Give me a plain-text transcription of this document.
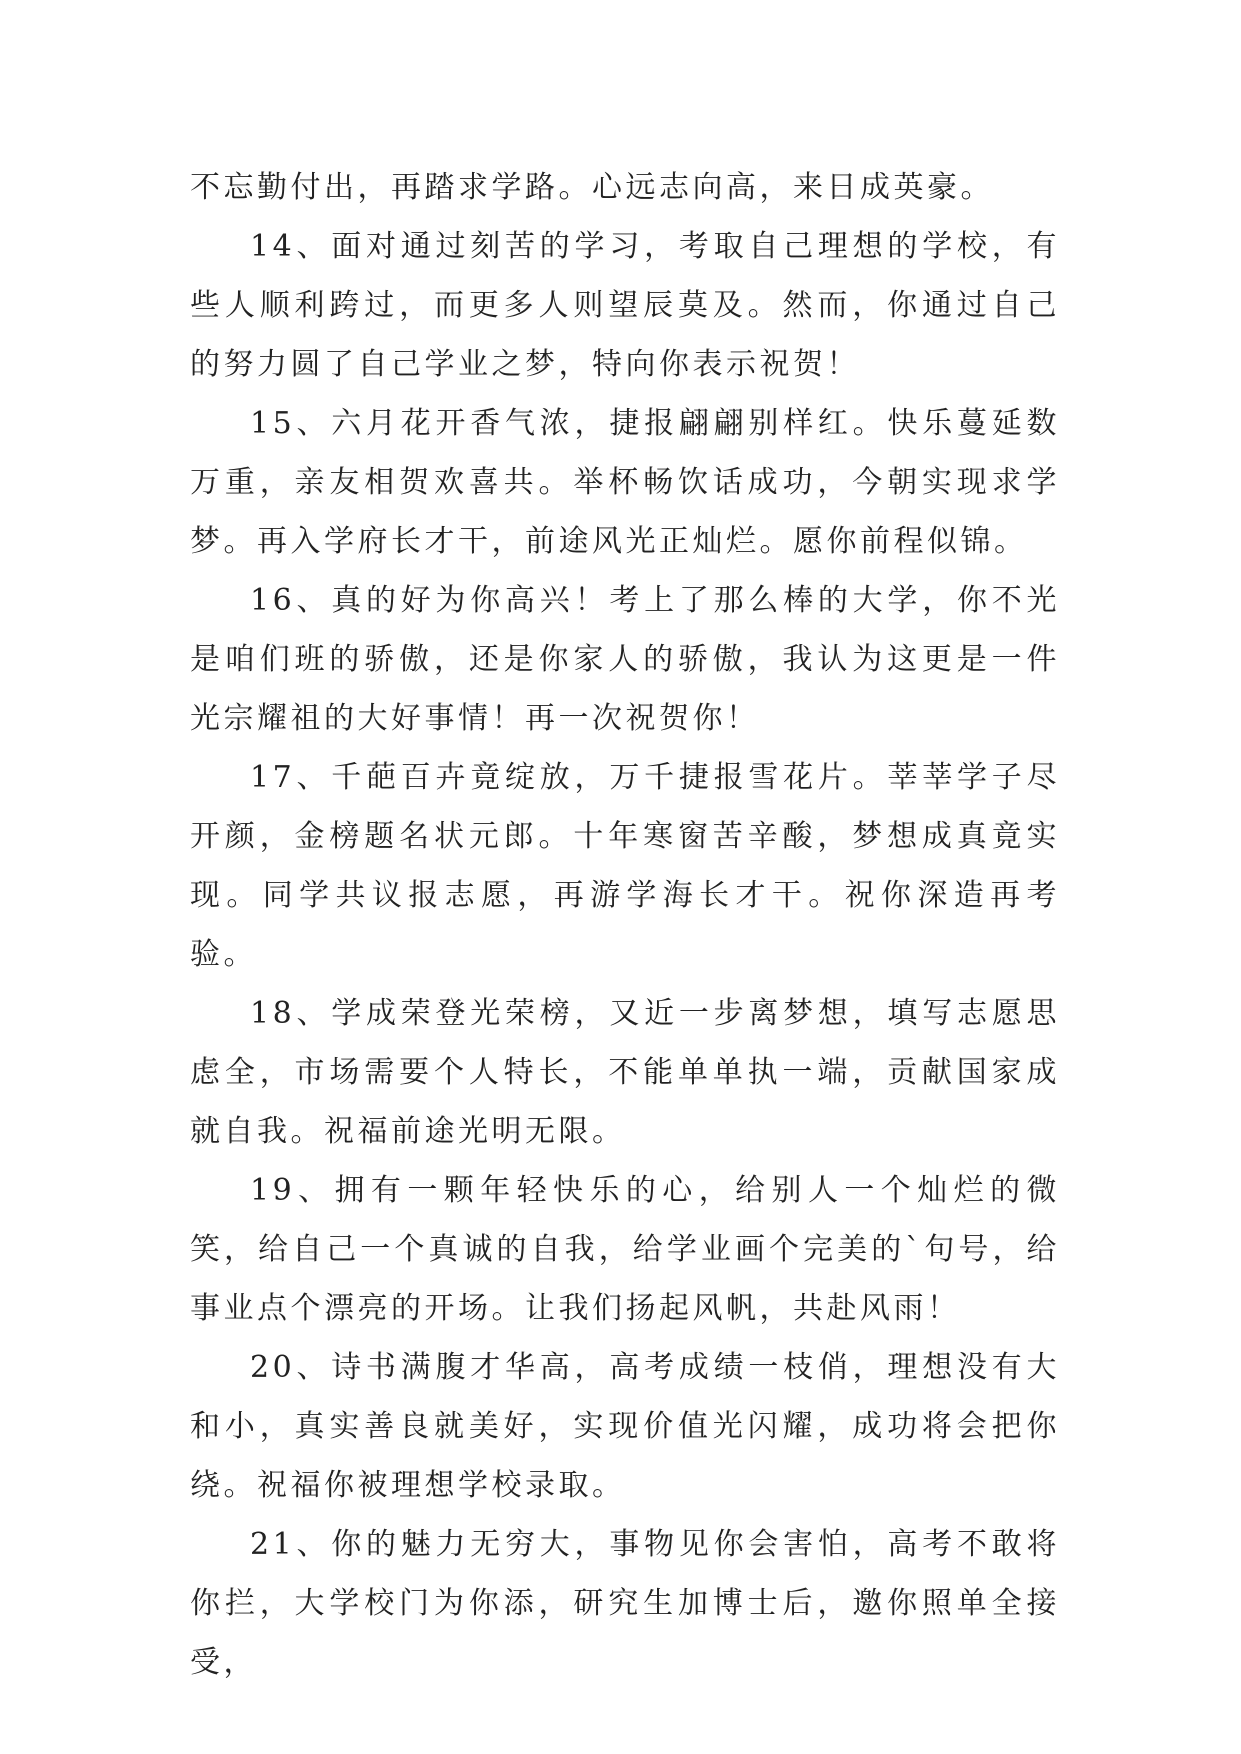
不忘勤付出，再踏求学路。心远志向高，来日成英豪。

14、面对通过刻苦的学习，考取自己理想的学校，有些人顺利跨过，而更多人则望辰莫及。然而，你通过自己的努力圆了自己学业之梦，特向你表示祝贺！

15、六月花开香气浓，捷报翩翩别样红。快乐蔓延数万重，亲友相贺欢喜共。举杯畅饮话成功，今朝实现求学梦。再入学府长才干，前途风光正灿烂。愿你前程似锦。

16、真的好为你高兴！考上了那么棒的大学，你不光是咱们班的骄傲，还是你家人的骄傲，我认为这更是一件光宗耀祖的大好事情！再一次祝贺你！

17、千葩百卉竟绽放，万千捷报雪花片。莘莘学子尽开颜，金榜题名状元郎。十年寒窗苦辛酸，梦想成真竟实现。同学共议报志愿，再游学海长才干。祝你深造再考验。

18、学成荣登光荣榜，又近一步离梦想，填写志愿思虑全，市场需要个人特长，不能单单执一端，贡献国家成就自我。祝福前途光明无限。

19、拥有一颗年轻快乐的心，给别人一个灿烂的微笑，给自己一个真诚的自我，给学业画个完美的`句号，给事业点个漂亮的开场。让我们扬起风帆，共赴风雨！

20、诗书满腹才华高，高考成绩一枝俏，理想没有大和小，真实善良就美好，实现价值光闪耀，成功将会把你绕。祝福你被理想学校录取。

21、你的魅力无穷大，事物见你会害怕，高考不敢将你拦，大学校门为你添，研究生加博士后，邀你照单全接受，
